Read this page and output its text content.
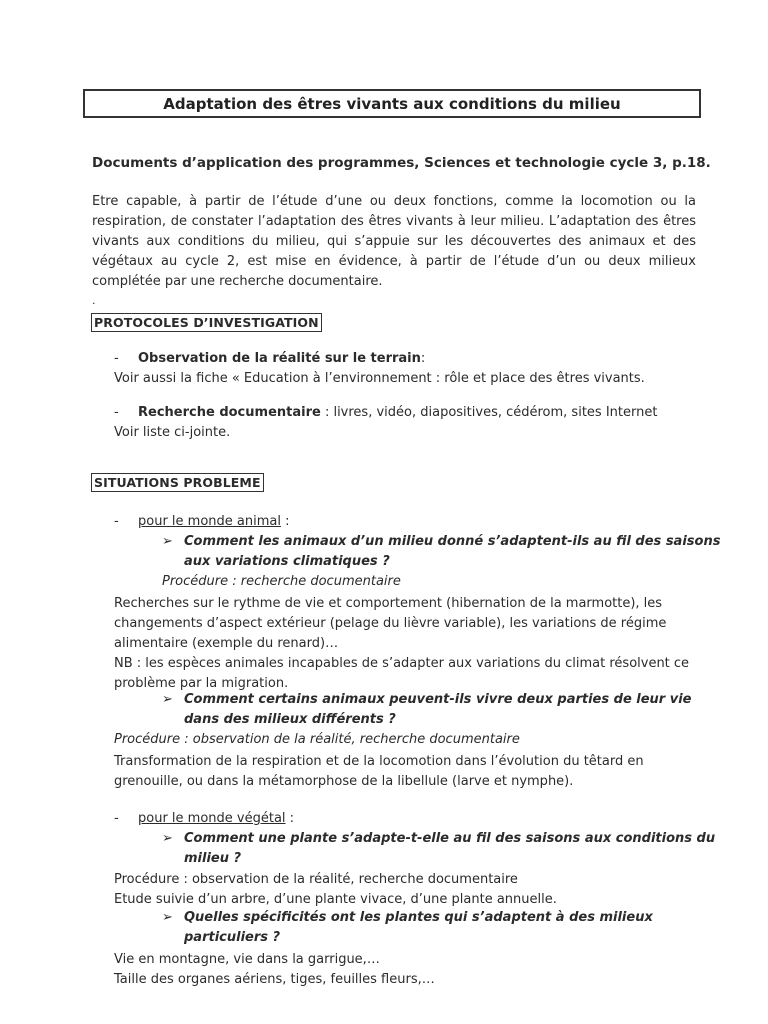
Adaptation des êtres vivants aux conditions du milieu
Documents d’application des programmes, Sciences et technologie cycle 3, p.18.
Etre capable, à partir de l’étude d’une ou deux fonctions, comme la locomotion ou la
respiration, de constater l’adaptation des êtres vivants à leur milieu. L’adaptation des êtres
vivants aux conditions du milieu, qui s’appuie sur les découvertes des animaux et des
végétaux au cycle 2, est mise en évidence, à partir de l’étude d’un ou deux milieux
complétée par une recherche documentaire.
.
PROTOCOLES D’INVESTIGATION
- Observation de la réalité sur le terrain:
Voir aussi la fiche « Education à l’environnement : rôle et place des êtres vivants.
- Recherche documentaire : livres, vidéo, diapositives, cédérom, sites Internet
Voir liste ci-jointe.
SITUATIONS PROBLEME
- pour le monde animal :
➢ Comment les animaux d’un milieu donné s’adaptent-ils au fil des saisons
aux variations climatiques ?
Procédure : recherche documentaire
Recherches sur le rythme de vie et comportement (hibernation de la marmotte), les
changements d’aspect extérieur (pelage du lièvre variable), les variations de régime
alimentaire (exemple du renard)…
NB : les espèces animales incapables de s’adapter aux variations du climat résolvent ce
problème par la migration.
➢ Comment certains animaux peuvent-ils vivre deux parties de leur vie
dans des milieux différents ?
Procédure : observation de la réalité, recherche documentaire
Transformation de la respiration et de la locomotion dans l’évolution du têtard en
grenouille, ou dans la métamorphose de la libellule (larve et nymphe).
- pour le monde végétal :
➢ Comment une plante s’adapte-t-elle au fil des saisons aux conditions du
milieu ?
Procédure : observation de la réalité, recherche documentaire
Etude suivie d’un arbre, d’une plante vivace, d’une plante annuelle.
➢ Quelles spécificités ont les plantes qui s’adaptent à des milieux
particuliers ?
Vie en montagne, vie dans la garrigue,…
Taille des organes aériens, tiges, feuilles fleurs,…
